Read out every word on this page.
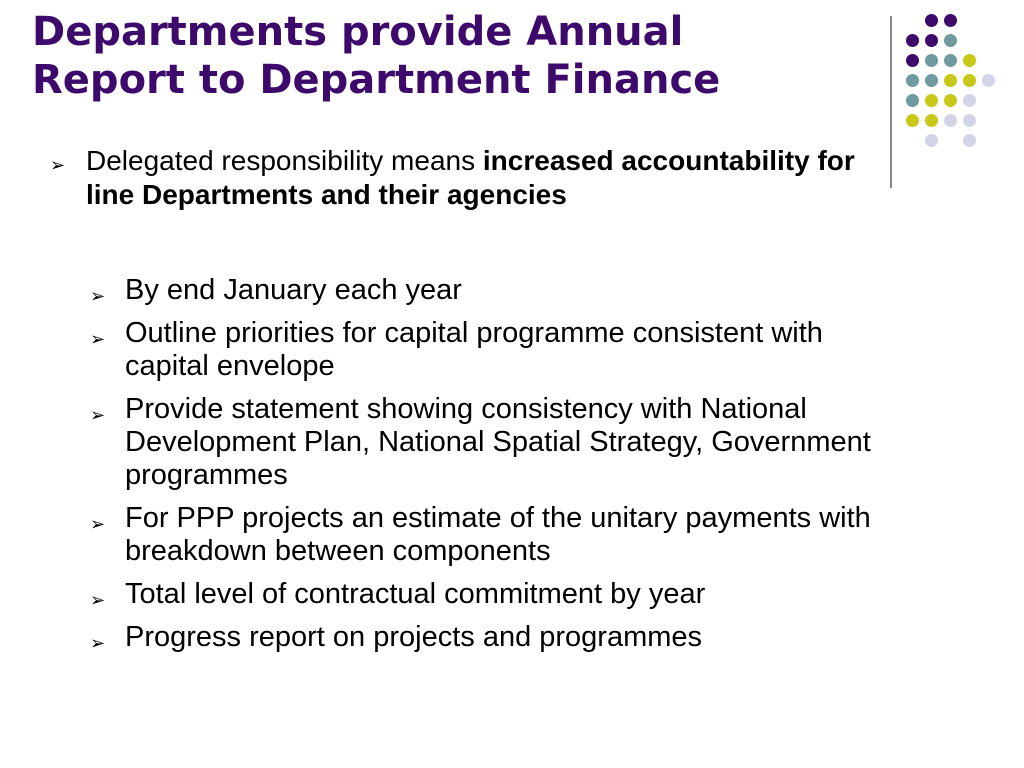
Departments provide Annual
Report to Department Finance
➢ Delegated responsibility means increased accountability for line Departments and their agencies
➢ By end January each year
➢ Outline priorities for capital programme consistent with capital envelope
➢ Provide statement showing consistency with National Development Plan, National Spatial Strategy, Government programmes
➢ For PPP projects an estimate of the unitary payments with breakdown between components
➢ Total level of contractual commitment by year
➢ Progress report on projects and programmes
